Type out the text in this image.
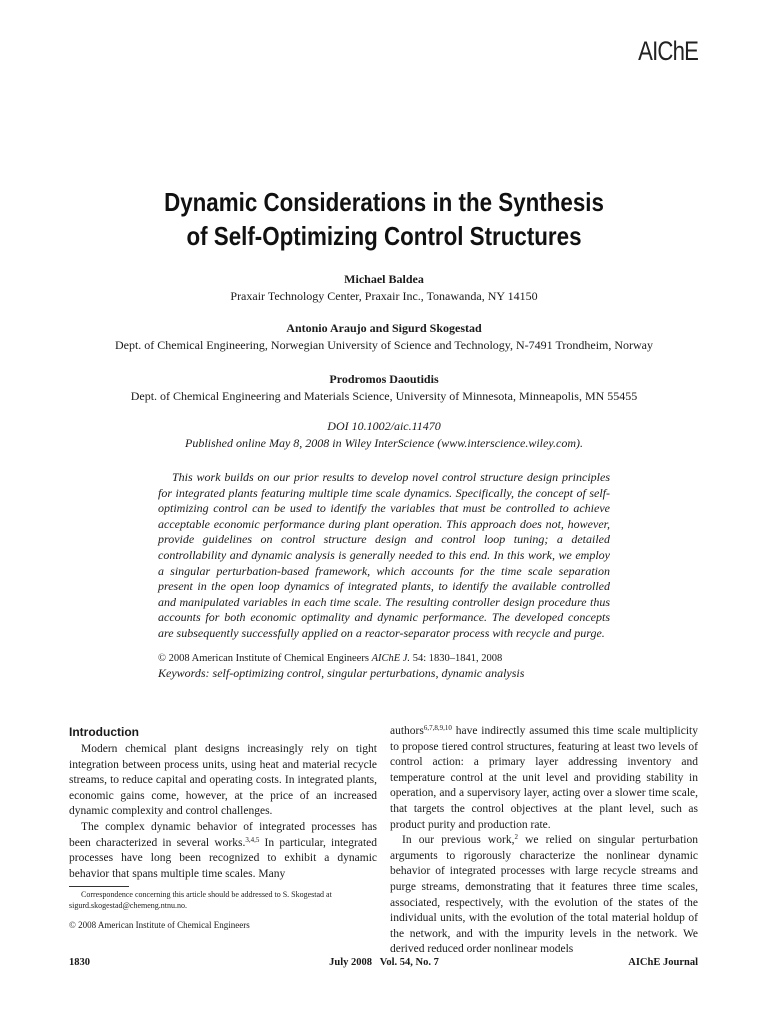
AIChE
Dynamic Considerations in the Synthesis
of Self-Optimizing Control Structures
Michael Baldea
Praxair Technology Center, Praxair Inc., Tonawanda, NY 14150
Antonio Araujo and Sigurd Skogestad
Dept. of Chemical Engineering, Norwegian University of Science and Technology, N-7491 Trondheim, Norway
Prodromos Daoutidis
Dept. of Chemical Engineering and Materials Science, University of Minnesota, Minneapolis, MN 55455
DOI 10.1002/aic.11470
Published online May 8, 2008 in Wiley InterScience (www.interscience.wiley.com).
This work builds on our prior results to develop novel control structure design principles for integrated plants featuring multiple time scale dynamics. Specifically, the concept of self-optimizing control can be used to identify the variables that must be controlled to achieve acceptable economic performance during plant operation. This approach does not, however, provide guidelines on control structure design and control loop tuning; a detailed controllability and dynamic analysis is generally needed to this end. In this work, we employ a singular perturbation-based framework, which accounts for the time scale separation present in the open loop dynamics of integrated plants, to identify the available controlled and manipulated variables in each time scale. The resulting controller design procedure thus accounts for both economic optimality and dynamic performance. The developed concepts are subsequently successfully applied on a reactor-separator process with recycle and purge.
© 2008 American Institute of Chemical Engineers AIChE J. 54: 1830–1841, 2008
Keywords: self-optimizing control, singular perturbations, dynamic analysis
Introduction

Modern chemical plant designs increasingly rely on tight integration between process units, using heat and material recycle streams, to reduce capital and operating costs. In integrated plants, economic gains come, however, at the price of an increased dynamic complexity and control challenges.

The complex dynamic behavior of integrated processes has been characterized in several works.$^{3,4,5}$ In particular, integrated processes have long been recognized to exhibit a dynamic behavior that spans multiple time scales. Many

authors$^{6,7,8,9,10}$ have indirectly assumed this time scale multiplicity to propose tiered control structures, featuring at least two levels of control action: a primary layer addressing inventory and temperature control at the unit level and providing stability in operation, and a supervisory layer, acting over a slower time scale, that targets the control objectives at the plant level, such as product purity and production rate.

In our previous work,$^2$ we relied on singular perturbation arguments to rigorously characterize the nonlinear dynamic behavior of integrated processes with large recycle streams and purge streams, demonstrating that it features three time scales, associated, respectively, with the evolution of the states of the individual units, with the evolution of the total material holdup of the network, and with the impurity levels in the network. We derived reduced order nonlinear models

Correspondence concerning this article should be addressed to S. Skogestad at sigurd.skogestad@chemeng.ntnu.no.
© 2008 American Institute of Chemical Engineers
1830	July 2008   Vol. 54, No. 7	AIChE Journal
